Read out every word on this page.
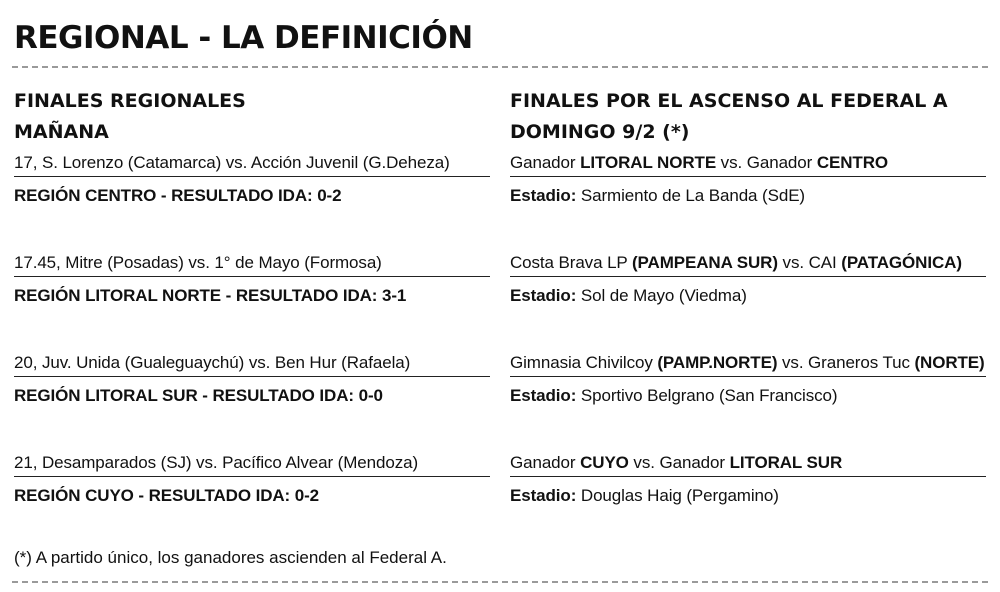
REGIONAL - LA DEFINICIÓN
FINALES REGIONALES
MAÑANA
17, S. Lorenzo (Catamarca) vs. Acción Juvenil (G.Deheza)
REGIÓN CENTRO - RESULTADO IDA: 0-2
17.45, Mitre (Posadas) vs. 1° de Mayo (Formosa)
REGIÓN LITORAL NORTE - RESULTADO IDA: 3-1
20, Juv. Unida (Gualeguaychú) vs. Ben Hur (Rafaela)
REGIÓN LITORAL SUR - RESULTADO IDA: 0-0
21, Desamparados (SJ) vs. Pacífico Alvear (Mendoza)
REGIÓN CUYO - RESULTADO IDA: 0-2
FINALES POR EL ASCENSO AL FEDERAL A
DOMINGO 9/2 (*)
Ganador LITORAL NORTE vs. Ganador CENTRO
Estadio: Sarmiento de La Banda (SdE)
Costa Brava LP (PAMPEANA SUR) vs. CAI (PATAGÓNICA)
Estadio: Sol de Mayo (Viedma)
Gimnasia Chivilcoy (PAMP.NORTE) vs. Graneros Tuc (NORTE)
Estadio: Sportivo Belgrano (San Francisco)
Ganador CUYO vs. Ganador LITORAL SUR
Estadio: Douglas Haig (Pergamino)
(*) A partido único, los ganadores ascienden al Federal A.
